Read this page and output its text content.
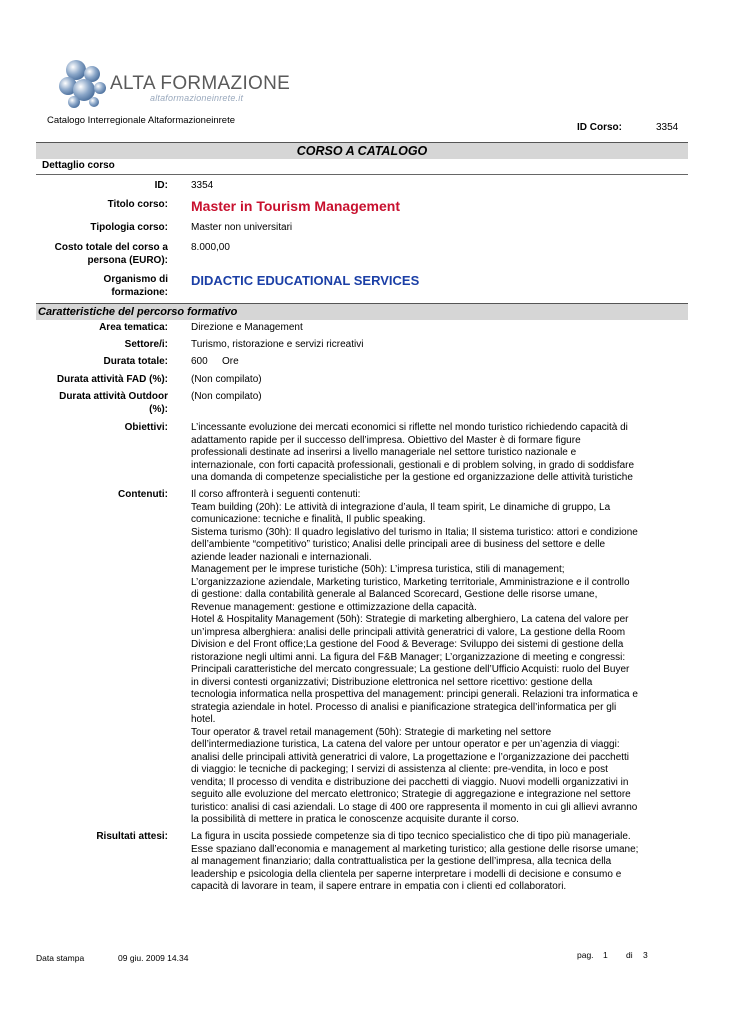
ALTA FORMAZIONE
altaformazioneinrete.it
Catalogo Interregionale Altaformazioneinrete
ID Corso:	3354
CORSO A CATALOGO
Dettaglio corso
ID: 3354
Titolo corso: Master in Tourism Management
Tipologia corso: Master non universitari
Costo totale del corso a
persona (EURO):
8.000,00
Organismo di
formazione:
DIDACTIC EDUCATIONAL SERVICES
Caratteristiche del percorso formativo
Area tematica: Direzione e Management
Settore/i: Turismo, ristorazione e servizi ricreativi
Durata totale: 600 Ore
Durata attività FAD (%): (Non compilato)
Durata attività Outdoor
(%):
(Non compilato)
Obiettivi: L’incessante evoluzione dei mercati economici si riflette nel mondo turistico richiedendo capacità di
adattamento rapide per il successo dell’impresa. Obiettivo del Master è di formare figure
professionali destinate ad inserirsi a livello manageriale nel settore turistico nazionale e
internazionale, con forti capacità professionali, gestionali e di problem solving, in grado di soddisfare
una domanda di competenze specialistiche per la gestione ed organizzazione delle attività turistiche
Contenuti: Il corso affronterà i seguenti contenuti:
Team building (20h): Le attività di integrazione d’aula, Il team spirit, Le dinamiche di gruppo, La
comunicazione: tecniche e finalità, Il public speaking.
Sistema turismo (30h): Il quadro legislativo del turismo in Italia; Il sistema turistico: attori e condizione
dell’ambiente “competitivo” turistico; Analisi delle principali aree di business del settore e delle
aziende leader nazionali e internazionali.
Management per le imprese turistiche (50h): L’impresa turistica, stili di management;
L’organizzazione aziendale, Marketing turistico, Marketing territoriale, Amministrazione e il controllo
di gestione: dalla contabilità generale al Balanced Scorecard, Gestione delle risorse umane,
Revenue management: gestione e ottimizzazione della capacità.
Hotel & Hospitality Management (50h): Strategie di marketing alberghiero, La catena del valore per
un’impresa alberghiera: analisi delle principali attività generatrici di valore, La gestione della Room
Division e del Front office;La gestione del Food & Beverage: Sviluppo dei sistemi di gestione della
ristorazione negli ultimi anni. La figura del F&B Manager; L’organizzazione di meeting e congressi:
Principali caratteristiche del mercato congressuale; La gestione dell’Ufficio Acquisti: ruolo del Buyer
in diversi contesti organizzativi; Distribuzione elettronica nel settore ricettivo: gestione della
tecnologia informatica nella prospettiva del management: principi generali. Relazioni tra informatica e
strategia aziendale in hotel. Processo di analisi e pianificazione strategica dell’informatica per gli
hotel.
Tour operator & travel retail management (50h): Strategie di marketing nel settore
dell’intermediazione turistica, La catena del valore per untour operator e per un’agenzia di viaggi:
analisi delle principali attività generatrici di valore, La progettazione e l’organizzazione dei pacchetti
di viaggio: le tecniche di packeging; I servizi di assistenza al cliente: pre-vendita, in loco e post
vendita; Il processo di vendita e distribuzione dei pacchetti di viaggio. Nuovi modelli organizzativi in
seguito alle evoluzione del mercato elettronico; Strategie di aggregazione e integrazione nel settore
turistico: analisi di casi aziendali. Lo stage di 400 ore rappresenta il momento in cui gli allievi avranno
la possibilità di mettere in pratica le conoscenze acquisite durante il corso.
Risultati attesi: La figura in uscita possiede competenze sia di tipo tecnico specialistico che di tipo più manageriale.
Esse spaziano dall’economia e management al marketing turistico; alla gestione delle risorse umane;
al management finanziario; dalla contrattualistica per la gestione dell’impresa, alla tecnica della
leadership e psicologia della clientela per saperne interpretare i modelli di decisione e consumo e
capacità di lavorare in team, il sapere entrare in empatia con i clienti ed collaboratori.
Data stampa	09 giu. 2009 14.34	pag. 1 di 3
